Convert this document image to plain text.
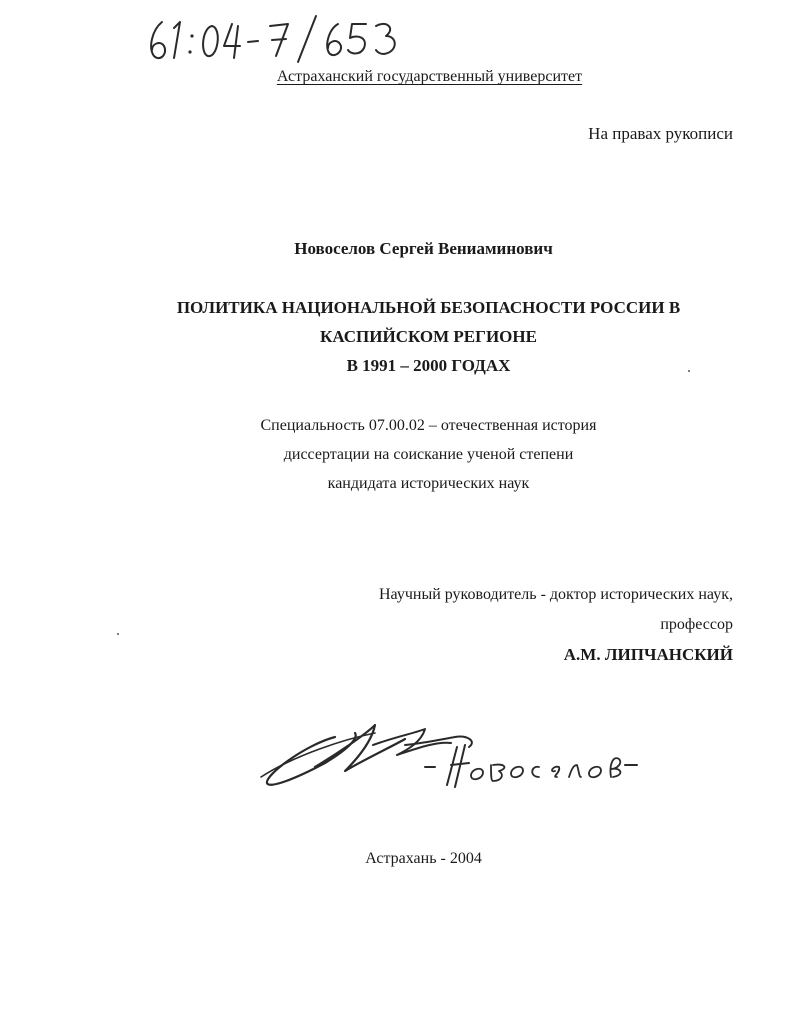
Астраханский государственный университет
На правах рукописи
Новоселов Сергей Вениаминович
ПОЛИТИКА НАЦИОНАЛЬНОЙ БЕЗОПАСНОСТИ РОССИИ В
КАСПИЙСКОМ РЕГИОНЕ
В 1991 – 2000 ГОДАХ
Специальность 07.00.02 – отечественная история
диссертации на соискание ученой степени
кандидата исторических наук
Научный руководитель - доктор исторических наук,
профессор
А.М. ЛИПЧАНСКИЙ
Астрахань - 2004
